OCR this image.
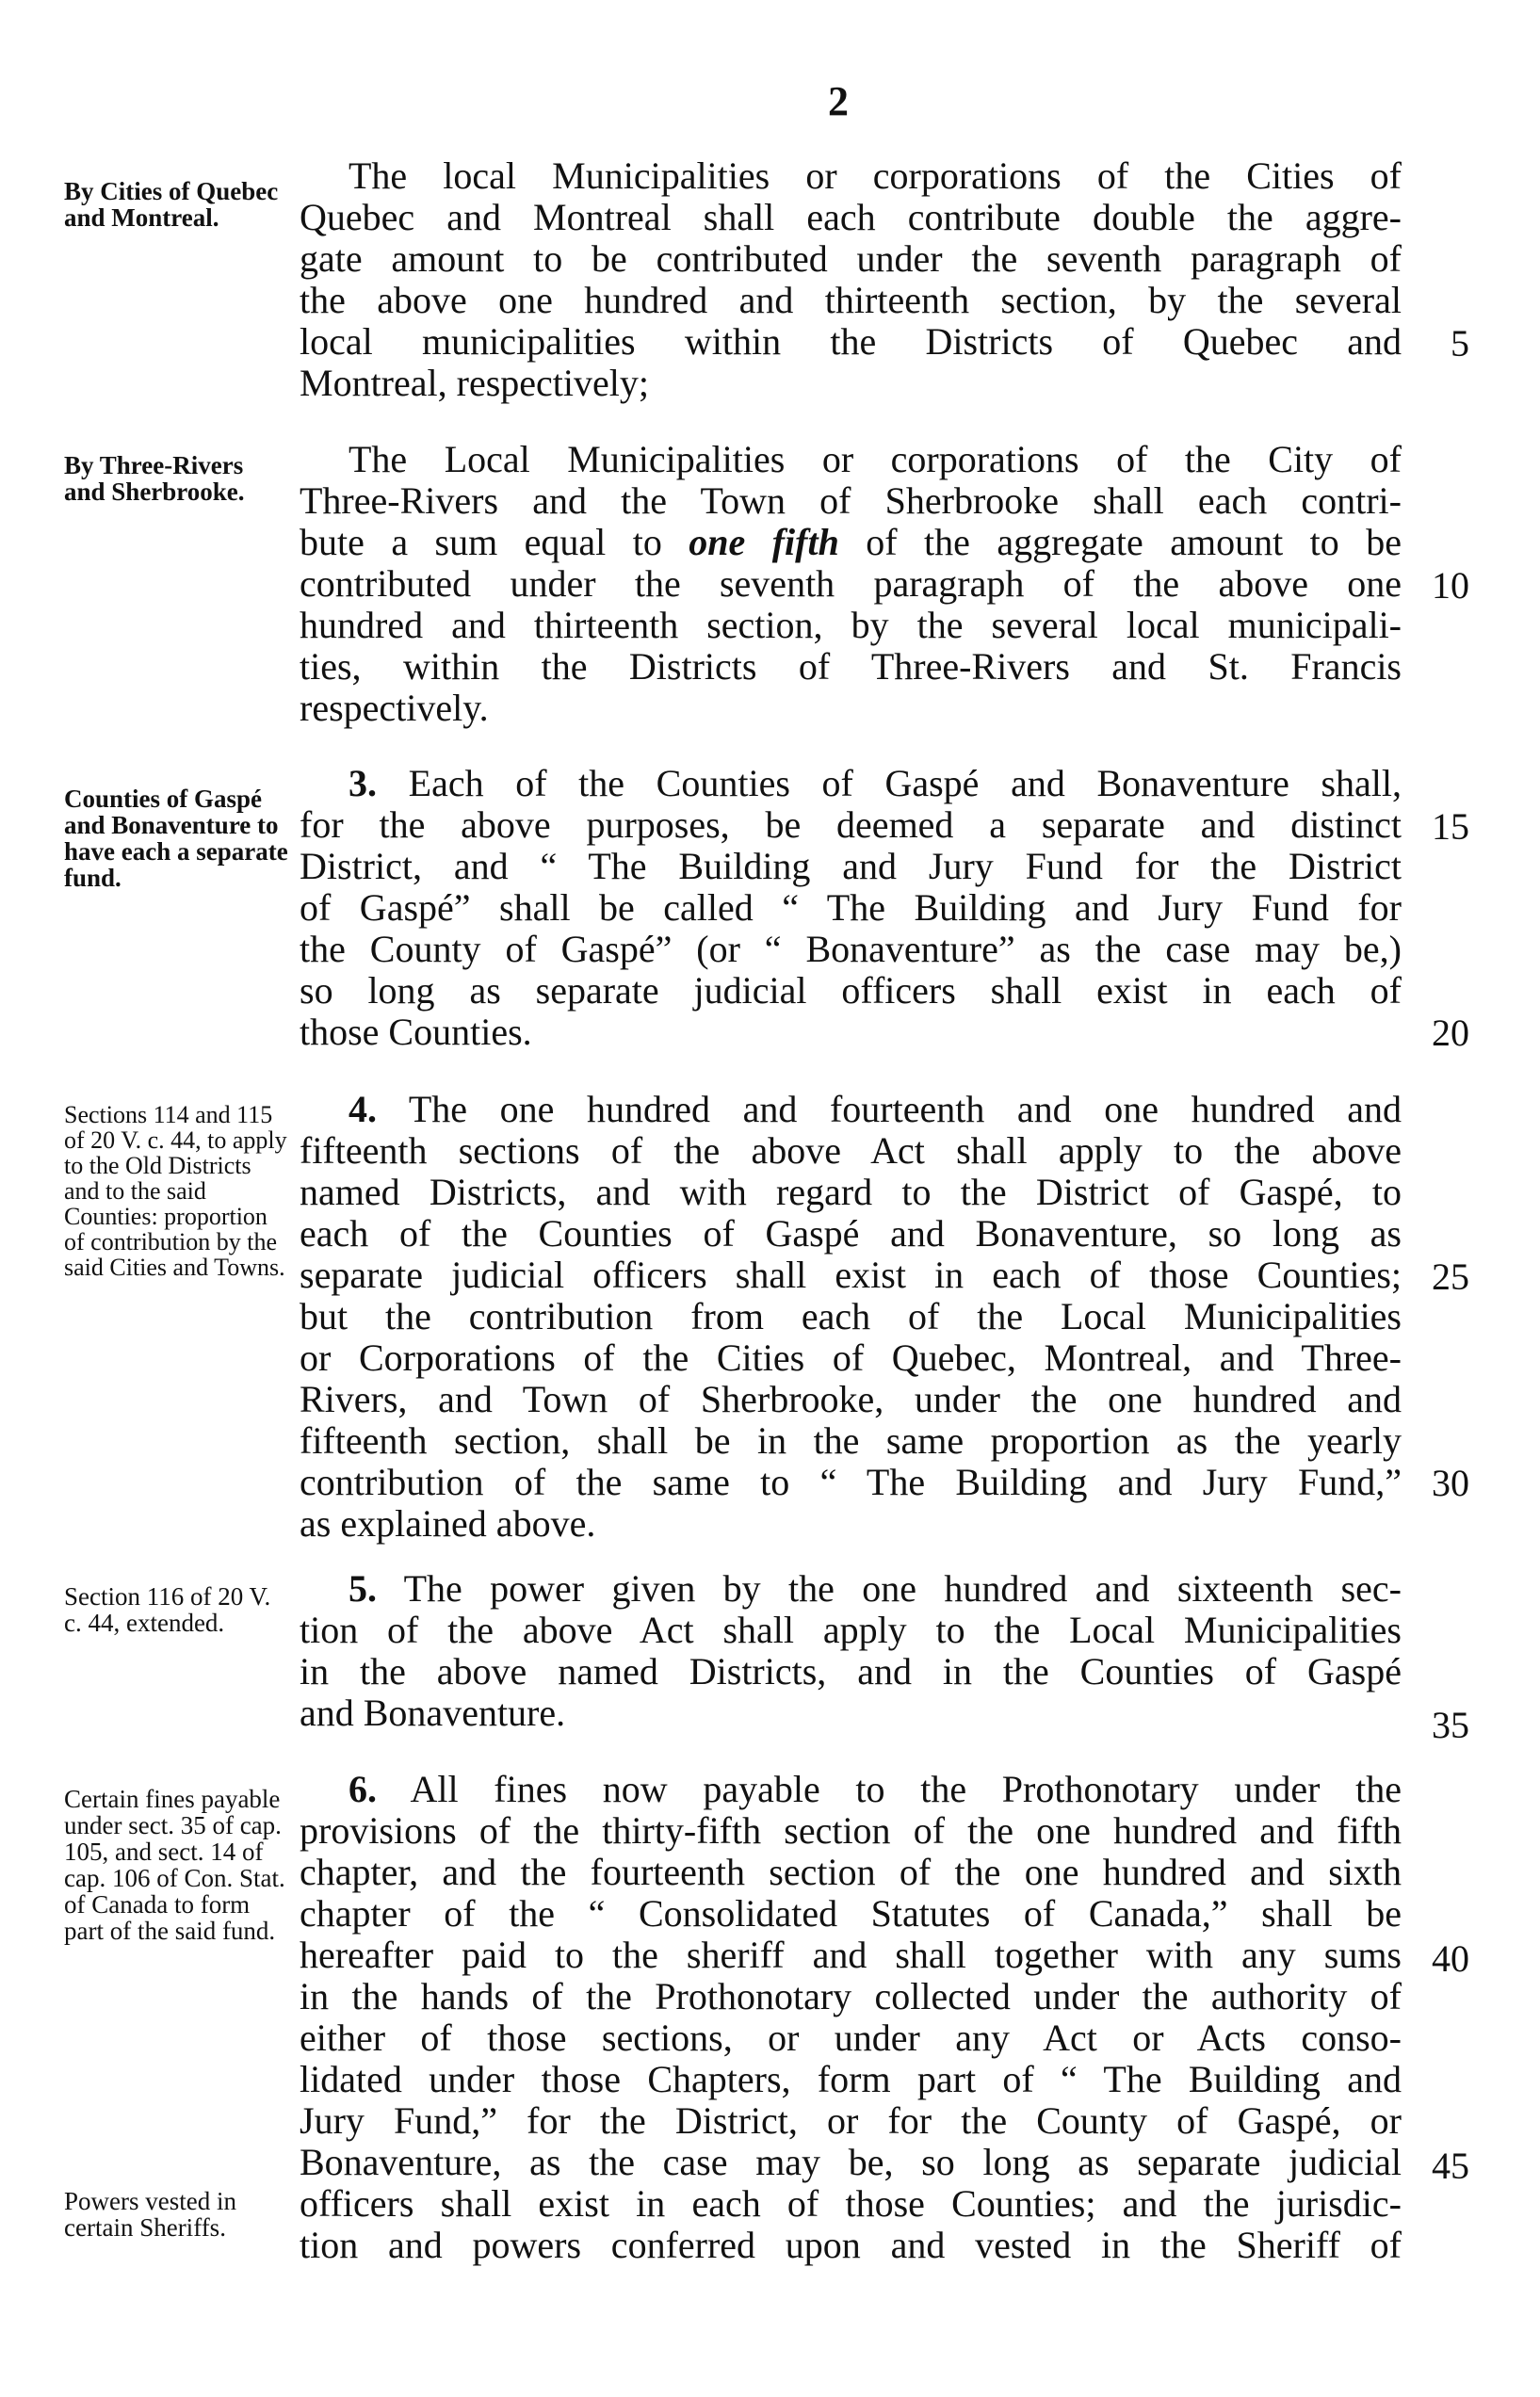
2
By Cities of Quebec and Montreal.
The local Municipalities or corporations of the Cities of
Quebec and Montreal shall each contribute double the aggre-
gate amount to be contributed under the seventh paragraph of
the above one hundred and thirteenth section, by the several
local municipalities within the Districts of Quebec and
Montreal, respectively;
By Three-Rivers and Sherbrooke.
The Local Municipalities or corporations of the City of
Three-Rivers and the Town of Sherbrooke shall each contri-
bute a sum equal to one fifth of the aggregate amount to be
contributed under the seventh paragraph of the above one
hundred and thirteenth section, by the several local municipali-
ties, within the Districts of Three-Rivers and St. Francis
respectively.
Counties of Gaspé and Bonaventure to have each a separate fund.
3. Each of the Counties of Gaspé and Bonaventure shall,
for the above purposes, be deemed a separate and distinct
District, and “ The Building and Jury Fund for the District
of Gaspé” shall be called “ The Building and Jury Fund for
the County of Gaspé” (or “ Bonaventure” as the case may be,)
so long as separate judicial officers shall exist in each of
those Counties.
Sections 114 and 115 of 20 V. c. 44, to apply to the Old Districts and to the said Counties: proportion of contribution by the said Cities and Towns.
4. The one hundred and fourteenth and one hundred and
fifteenth sections of the above Act shall apply to the above
named Districts, and with regard to the District of Gaspé, to
each of the Counties of Gaspé and Bonaventure, so long as
separate judicial officers shall exist in each of those Counties;
but the contribution from each of the Local Municipalities
or Corporations of the Cities of Quebec, Montreal, and Three-
Rivers, and Town of Sherbrooke, under the one hundred and
fifteenth section, shall be in the same proportion as the yearly
contribution of the same to “ The Building and Jury Fund,”
as explained above.
Section 116 of 20 V. c. 44, extended.
5. The power given by the one hundred and sixteenth sec-
tion of the above Act shall apply to the Local Municipalities
in the above named Districts, and in the Counties of Gaspé
and Bonaventure.
Certain fines payable under sect. 35 of cap. 105, and sect. 14 of cap. 106 of Con. Stat. of Canada to form part of the said fund.
Powers vested in certain Sheriffs.
6. All fines now payable to the Prothonotary under the
provisions of the thirty-fifth section of the one hundred and fifth
chapter, and the fourteenth section of the one hundred and sixth
chapter of the “ Consolidated Statutes of Canada,” shall be
hereafter paid to the sheriff and shall together with any sums
in the hands of the Prothonotary collected under the authority of
either of those sections, or under any Act or Acts conso-
lidated under those Chapters, form part of “ The Building and
Jury Fund,” for the District, or for the County of Gaspé, or
Bonaventure, as the case may be, so long as separate judicial
officers shall exist in each of those Counties; and the jurisdic-
tion and powers conferred upon and vested in the Sheriff of
5
10
15
20
25
30
35
40
45
